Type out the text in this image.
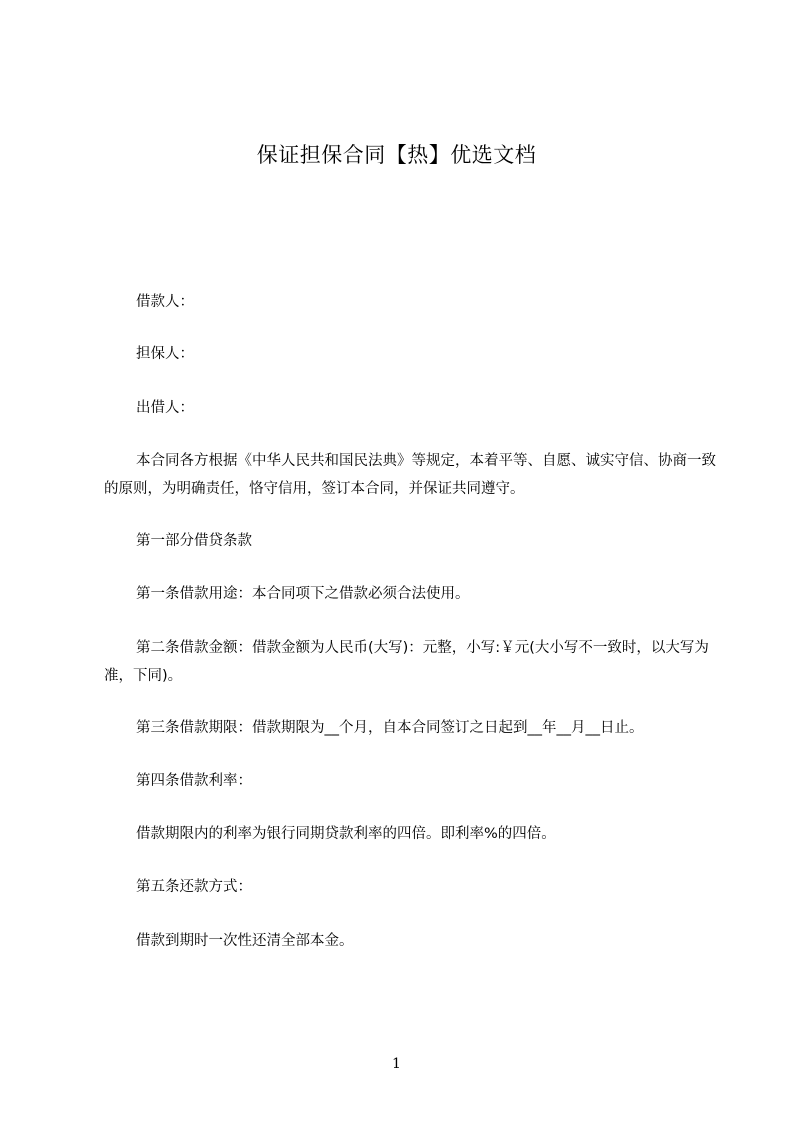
保证担保合同【热】优选文档

借款人：

担保人：

出借人：

本合同各方根据《中华人民共和国民法典》等规定，本着平等、自愿、诚实守信、协商一致的原则，为明确责任，恪守信用，签订本合同，并保证共同遵守。

第一部分借贷条款

第一条借款用途：本合同项下之借款必须合法使用。

第二条借款金额：借款金额为人民币(大写)：元整，小写:￥元(大小写不一致时，以大写为准，下同)。

第三条借款期限：借款期限为__个月，自本合同签订之日起到__年__月__日止。

第四条借款利率：

借款期限内的利率为银行同期贷款利率的四倍。即利率%的四倍。

第五条还款方式：

借款到期时一次性还清全部本金。

1
